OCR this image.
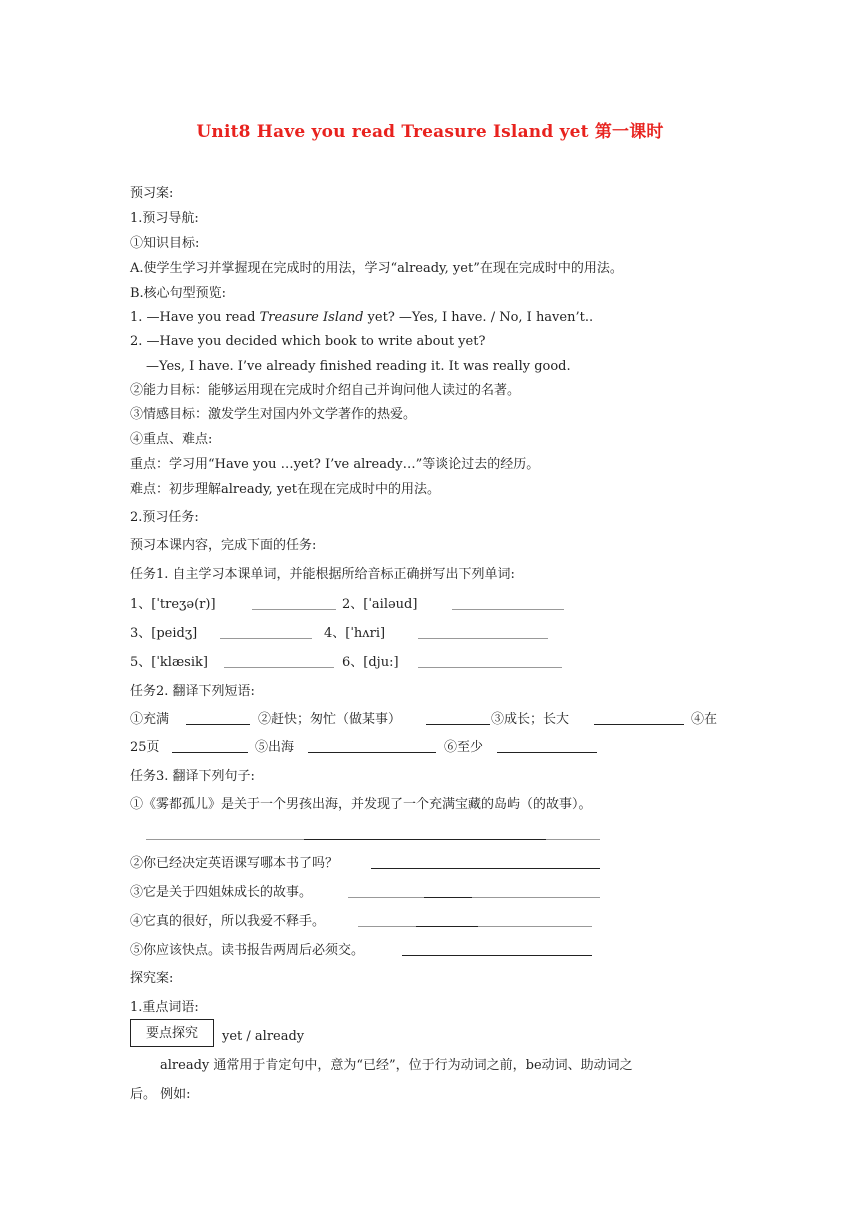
Unit8 Have you read Treasure Island yet 第一课时
预习案:
1.预习导航:
①知识目标:
A.使学生学习并掌握现在完成时的用法，学习“already, yet”在现在完成时中的用法。
B.核心句型预览:
1. —Have you read Treasure Island yet? —Yes, I have. / No, I haven’t..
2. —Have you decided which book to write about yet?
—Yes, I have. I’ve already finished reading it. It was really good.
②能力目标：能够运用现在完成时介绍自己并询问他人读过的名著。
③情感目标：激发学生对国内外文学著作的热爱。
④重点、难点:
重点：学习用“Have you …yet? I’ve already…”等谈论过去的经历。
难点：初步理解already, yet在现在完成时中的用法。
2.预习任务:
预习本课内容，完成下面的任务:
任务1. 自主学习本课单词，并能根据所给音标正确拼写出下列单词:
1、[ˈtreʒə(r)]	2、[ˈailəud]
3、[peidʒ]	4、[ˈhʌri]
5、[ˈklæsik]	6、[dju:]
任务2. 翻译下列短语:
①充满	②赶快；匆忙（做某事）	③成长；长大	④在
25页	⑤出海	⑥至少
任务3. 翻译下列句子:
①《雾都孤儿》是关于一个男孩出海，并发现了一个充满宝藏的岛屿（的故事）。
②你已经决定英语课写哪本书了吗？
③它是关于四姐妹成长的故事。
④它真的很好，所以我爱不释手。
⑤你应该快点。读书报告两周后必须交。
探究案:
1.重点词语:
要点探究	yet / already
already 通常用于肯定句中，意为“已经”，位于行为动词之前，be动词、助动词之
后。 例如:
